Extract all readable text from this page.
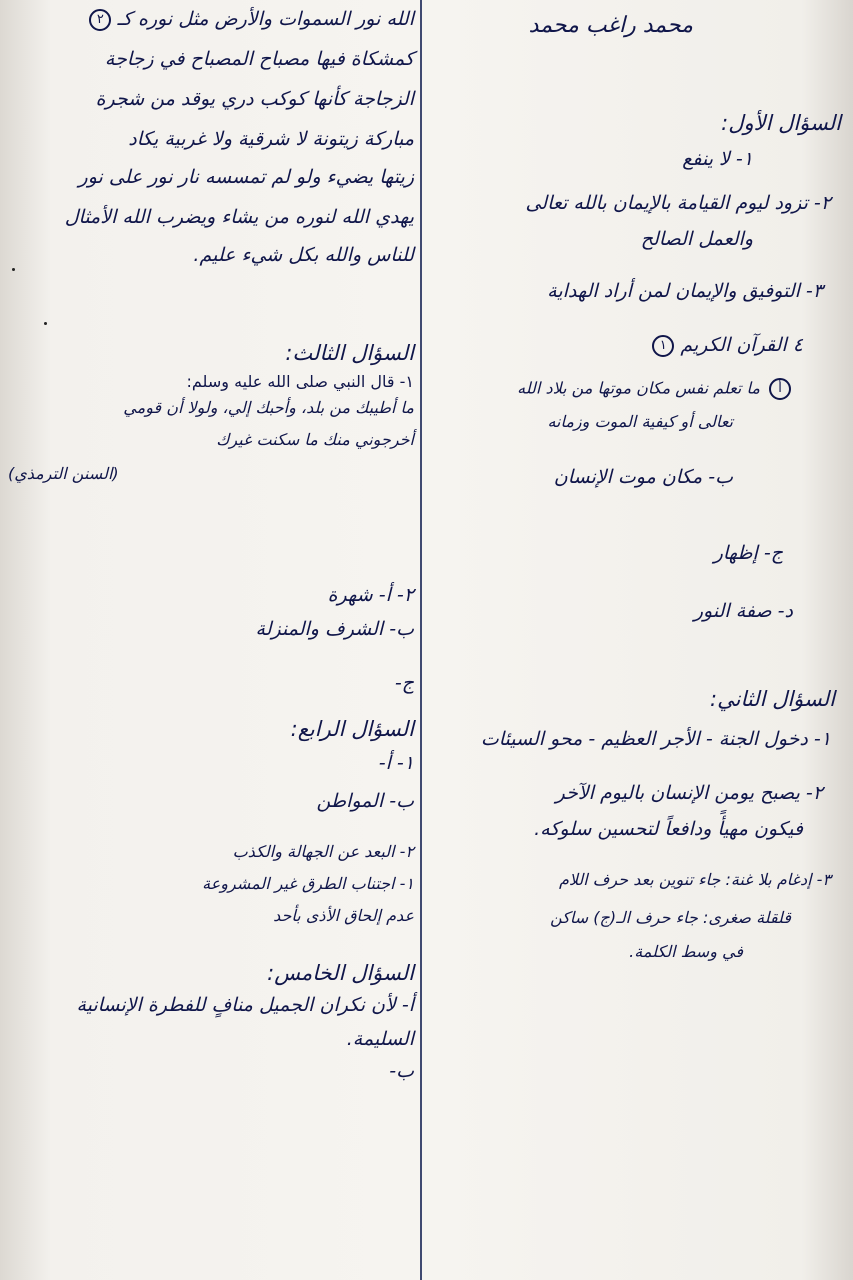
محمد راغب محمد
السؤال الأول:
١- لا ينفع
٢- تزود ليوم القيامة بالإيمان بالله تعالى
والعمل الصالح
٣- التوفيق والإيمان لمن أراد الهداية
٤ القرآن الكريم ١
أ ما تعلم نفس مكان موتها من بلاد الله
تعالى أو كيفية الموت وزمانه
ب- مكان موت الإنسان
ج- إظهار
د- صفة النور
السؤال الثاني:
١- دخول الجنة - الأجر العظيم - محو السيئات
٢- يصبح يومن الإنسان باليوم الآخر
فيكون مهيأً ودافعاً لتحسين سلوكه.
٣- إدغام بلا غنة: جاء تنوين بعد حرف اللام
قلقلة صغرى: جاء حرف الـ(ج) ساكن
في وسط الكلمة.
الله نور السموات والأرض مثل نوره كـ ٢
كمشكاة فيها مصباح المصباح في زجاجة
الزجاجة كأنها كوكب دري يوقد من شجرة
مباركة زيتونة لا شرقية ولا غربية يكاد
زيتها يضيء ولو لم تمسسه نار نور على نور
يهدي الله لنوره من يشاء ويضرب الله الأمثال
للناس والله بكل شيء عليم.
السؤال الثالث:
١- قال النبي صلى الله عليه وسلم:
ما أطيبك من بلد، وأحبك إلي، ولولا أن قومي
أخرجوني منك ما سكنت غيرك
(السنن الترمذي)
٢- أ- شهرة
ب- الشرف والمنزلة
ج-
السؤال الرابع:
١- أ-
ب- المواطن
٢- البعد عن الجهالة والكذب
١- اجتناب الطرق غير المشروعة
عدم إلحاق الأذى بأحد
السؤال الخامس:
أ- لأن نكران الجميل منافٍ للفطرة الإنسانية
السليمة.
ب-
